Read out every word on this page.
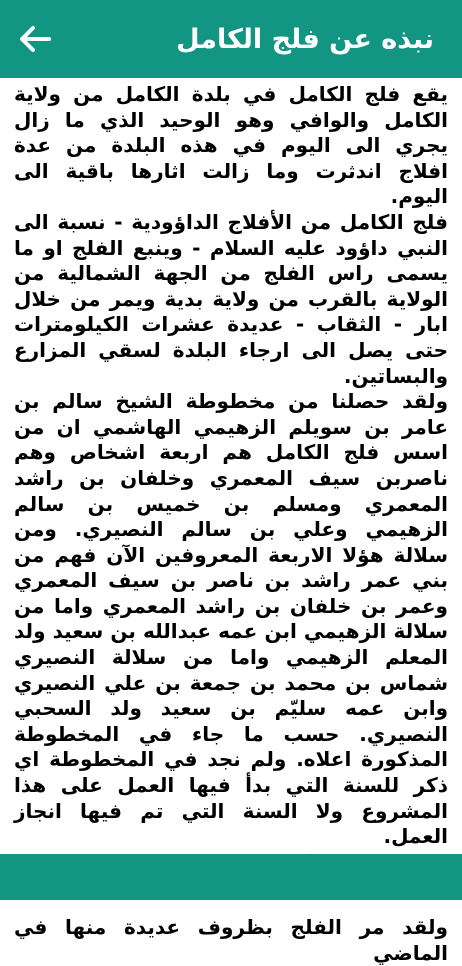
نبذه عن فلج الكامل

يقع فلج الكامل في بلدة الكامل من ولاية الكامل والوافي وهو الوحيد الذي ما زال يجري الى اليوم في هذه البلدة من عدة افلاج اندثرت وما زالت اثارها باقية الى اليوم.

فلج الكامل من الأفلاج الداؤودية - نسبة الى النبي داؤود عليه السلام - وينبع الفلج او ما يسمى راس الفلج من الجهة الشمالية من الولاية بالقرب من ولاية بدية ويمر من خلال ابار - الثقاب - عديدة عشرات الكيلومترات حتى يصل الى ارجاء البلدة لسقي المزارع والبساتين.

ولقد حصلنا من مخطوطة الشيخ سالم بن عامر بن سويلم الزهيمي الهاشمي ان من اسس فلج الكامل هم اربعة اشخاص وهم ناصربن سيف المعمري وخلفان بن راشد المعمري ومسلم بن خميس بن سالم الزهيمي وعلي بن سالم النصيري. ومن سلالة هؤلا الاربعة المعروفين الآن فهم من بني عمر راشد بن ناصر بن سيف المعمري وعمر بن خلفان بن راشد المعمري واما من سلالة الزهيمي ابن عمه عبدالله بن سعيد ولد المعلم الزهيمي واما من سلالة النصيري شماس بن محمد بن جمعة بن علي النصيري وابن عمه سليّم بن سعيد ولد السحبي النصيري. حسب ما جاء في المخطوطة المذكورة اعلاه. ولم نجد في المخطوطة اي ذكر للسنة التي بدأ فيها العمل على هذا المشروع ولا السنة التي تم فيها انجاز العمل.

ولقد مر الفلج بظروف عديدة منها في الماضي
